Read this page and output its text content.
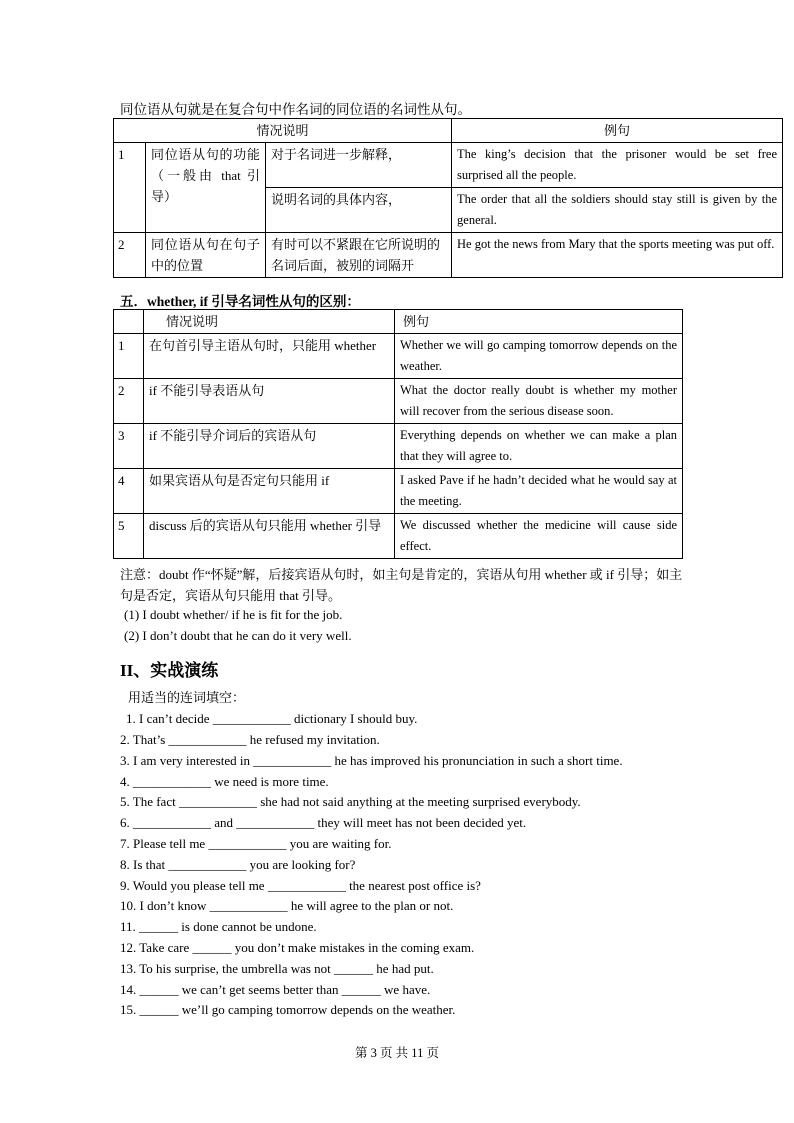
同位语从句就是在复合句中作名词的同位语的名词性从句。
情况说明			例句
1	同位语从句的功能（一般由 that 引导）	对于名词进一步解释，	The king’s decision that the prisoner would be set free surprised all the people.
		说明名词的具体内容，	The order that all the soldiers should stay still is given by the general.
2	同位语从句在句子中的位置	有时可以不紧跟在它所说明的名词后面，被别的词隔开	He got the news from Mary that the sports meeting was put off.
五．whether, if 引导名词性从句的区别：
	情况说明	例句
1	在句首引导主语从句时，只能用 whether	Whether we will go camping tomorrow depends on the weather.
2	if 不能引导表语从句	What the doctor really doubt is whether my mother will recover from the serious disease soon.
3	if 不能引导介词后的宾语从句	Everything depends on whether we can make a plan that they will agree to.
4	如果宾语从句是否定句只能用 if	I asked Pave if he hadn’t decided what he would say at the meeting.
5	discuss 后的宾语从句只能用 whether 引导	We discussed whether the medicine will cause side effect.
注意：doubt 作“怀疑”解，后接宾语从句时，如主句是肯定的，宾语从句用 whether 或 if 引导；如主句是否定，宾语从句只能用 that 引导。
(1) I doubt whether/ if he is fit for the job.
(2) I don’t doubt that he can do it very well.
II、实战演练
用适当的连词填空：
1. I can’t decide ____________ dictionary I should buy.
2. That’s ____________ he refused my invitation.
3. I am very interested in ____________ he has improved his pronunciation in such a short time.
4. ____________ we need is more time.
5. The fact ____________ she had not said anything at the meeting surprised everybody.
6. ____________ and ____________ they will meet has not been decided yet.
7. Please tell me ____________ you are waiting for.
8. Is that ____________ you are looking for?
9. Would you please tell me ____________ the nearest post office is?
10. I don’t know ____________ he will agree to the plan or not.
11. ______ is done cannot be undone.
12. Take care ______ you don’t make mistakes in the coming exam.
13. To his surprise, the umbrella was not ______ he had put.
14. ______ we can’t get seems better than ______ we have.
15. ______ we’ll go camping tomorrow depends on the weather.
第 3 页 共 11 页
